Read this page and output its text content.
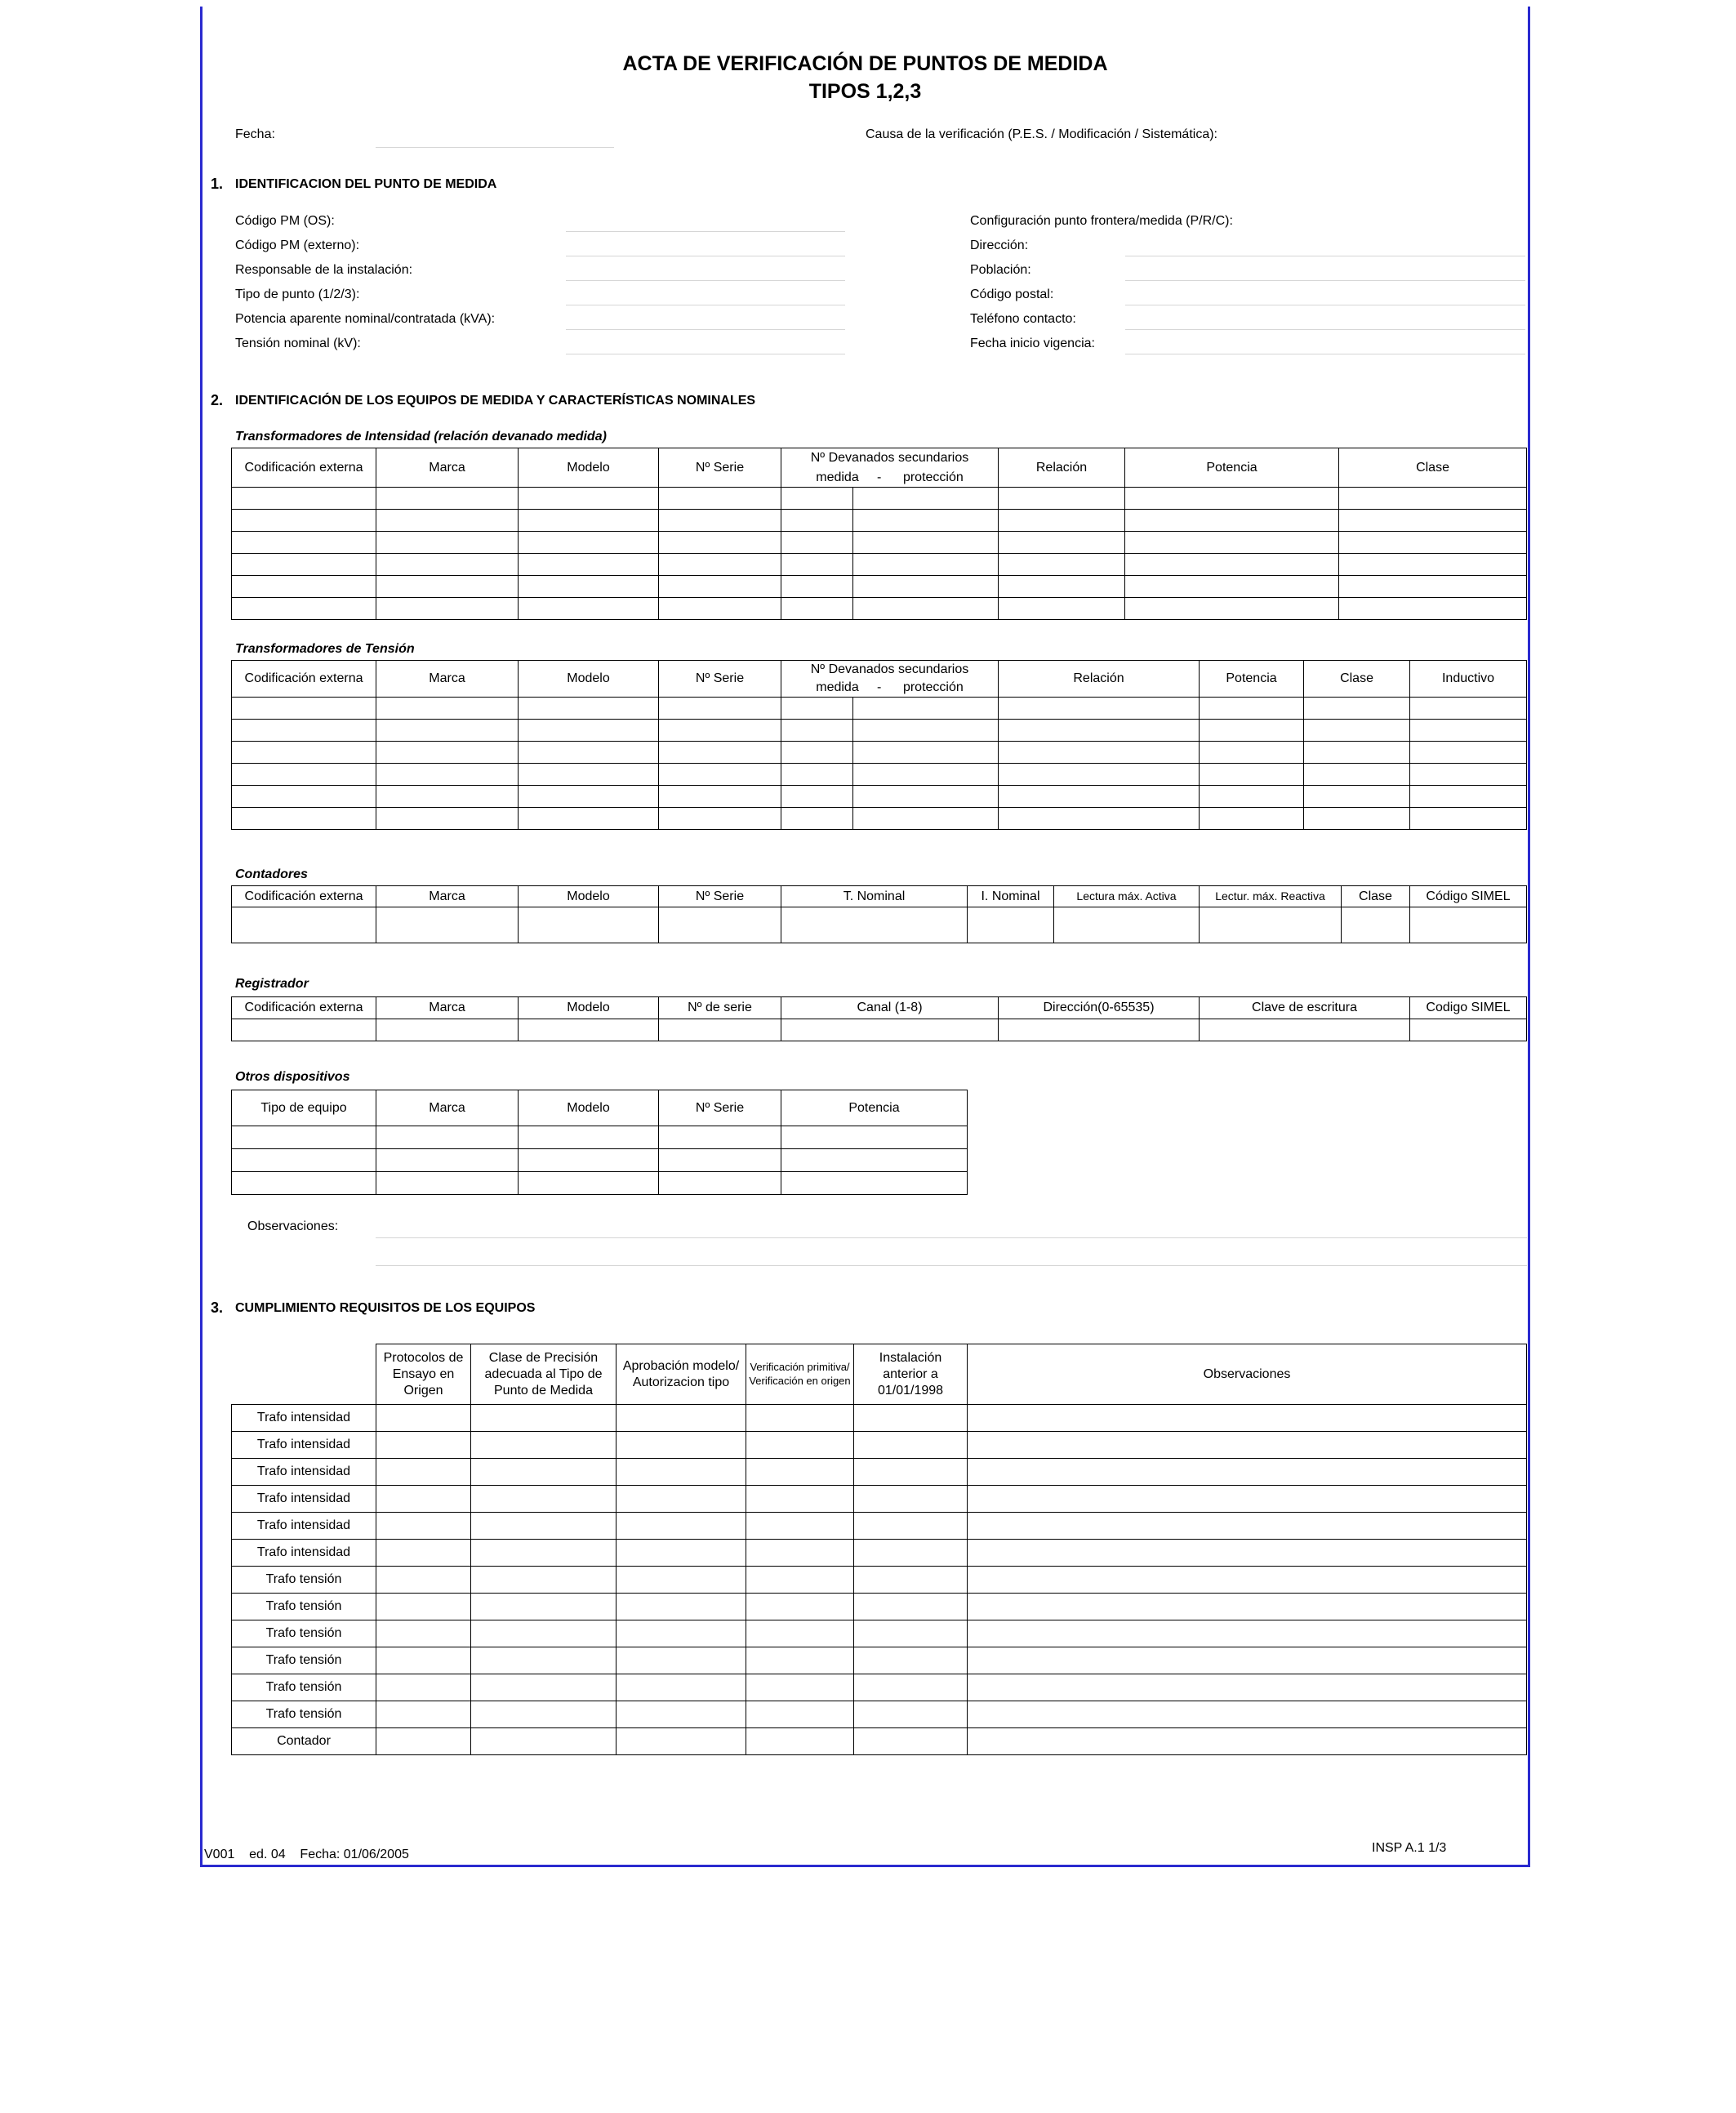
ACTA DE VERIFICACIÓN DE PUNTOS DE MEDIDA
TIPOS 1,2,3
Fecha:	Causa de la verificación (P.E.S. / Modificación / Sistemática):
1. IDENTIFICACION DEL PUNTO DE MEDIDA
Código PM (OS):
Código PM (externo):
Responsable de la instalación:
Tipo de punto (1/2/3):
Potencia aparente nominal/contratada (kVA):
Tensión nominal (kV):
Configuración punto frontera/medida (P/R/C):
Dirección:
Población:
Código postal:
Teléfono contacto:
Fecha inicio vigencia:
2. IDENTIFICACIÓN DE LOS EQUIPOS DE MEDIDA Y CARACTERÍSTICAS NOMINALES
Transformadores de Intensidad (relación devanado medida)
Codificación externa	Marca	Modelo	Nº Serie	Nº Devanados secundarios		Relación	Potencia	Clase
				medida     -      protección				

Transformadores de Tensión
Codificación externa	Marca	Modelo	Nº Serie	Nº Devanados secundarios		Relación	Potencia	Clase	Inductivo
				medida     -      protección					

Contadores
Codificación externa	Marca	Modelo	Nº Serie	T. Nominal	I. Nominal	Lectura máx. Activa	Lectur. máx. Reactiva	Clase	Código SIMEL

Registrador
Codificación externa	Marca	Modelo	Nº de serie	Canal (1-8)	Dirección(0-65535)	Clave de escritura	Codigo SIMEL

Otros dispositivos
Tipo de equipo	Marca	Modelo	Nº Serie	Potencia

Observaciones:
3. CUMPLIMIENTO REQUISITOS DE LOS EQUIPOS
	Protocolos de Ensayo en Origen	Clase de Precisión adecuada al Tipo de Punto de Medida	Aprobación modelo/ Autorizacion tipo	Verificación primitiva/ Verificación en origen	Instalación anterior a 01/01/1998	Observaciones
Trafo intensidad						
Trafo intensidad						
Trafo intensidad						
Trafo intensidad						
Trafo intensidad						
Trafo intensidad						
Trafo tensión						
Trafo tensión						
Trafo tensión						
Trafo tensión						
Trafo tensión						
Trafo tensión						
Contador						
V001 ed. 04 Fecha: 01/06/2005	INSP A.1 1/3
